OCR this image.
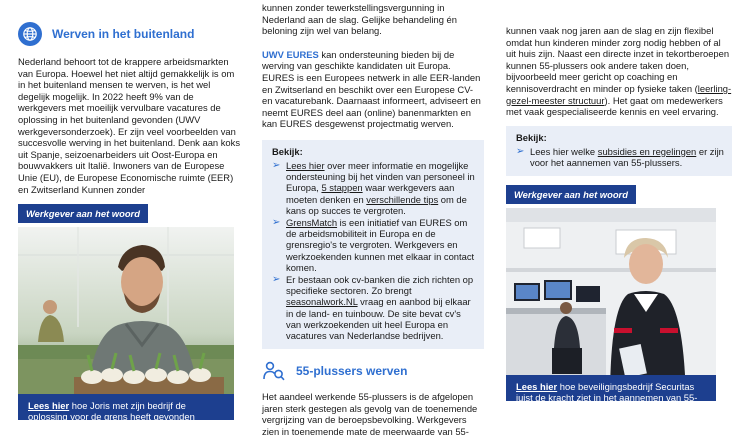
Werven in het buitenland

Nederland behoort tot de krappere arbeidsmarkten van Europa. Hoewel het niet altijd gemakkelijk is om in het buitenland mensen te werven, is het wel degelijk mogelijk. In 2022 heeft 9% van de werkgevers met moeilijk vervulbare vacatures de oplossing in het buitenland gevonden (UWV werkgeversonderzoek). Er zijn veel voorbeelden van succesvolle werving in het buitenland. Denk aan koks uit Spanje, seizoenarbeiders uit Oost-Europa en bouwvakkers uit Italië. Inwoners van de Europese Unie (EU), de Europese Economische ruimte (EER) en Zwitserland Kunnen zonder

Werkgever aan het woord
Lees hier hoe Joris met zijn bedrijf de oplossing voor de grens heeft gevonden

kunnen zonder tewerkstellingsvergunning in Nederland aan de slag. Gelijke behandeling én beloning zijn wel van belang.

UWV EURES kan ondersteuning bieden bij de werving van geschikte kandidaten uit Europa. EURES is een Europees netwerk in alle EER-landen en Zwitserland en beschikt over een Europese CV- en vacaturebank. Daarnaast informeert, adviseert en neemt EURES deel aan (online) banenmarkten en kan EURES desgewenst projectmatig werven.

Bekijk:
➢ Lees hier over meer informatie en mogelijke ondersteuning bij het vinden van personeel in Europa, 5 stappen waar werkgevers aan moeten denken en verschillende tips om de kans op succes te vergroten.
➢ GrensMatch is een initiatief van EURES om de arbeidsmobiliteit in Europa en de grensregio's te vergroten. Werkgevers en werkzoekenden kunnen met elkaar in contact komen.
➢ Er bestaan ook cv-banken die zich richten op specifieke sectoren. Zo brengt seasonalwork.NL vraag en aanbod bij elkaar in de land- en tuinbouw. De site bevat cv's van werkzoekenden uit heel Europa en vacatures van Nederlandse bedrijven.
55-plussers werven

Het aandeel werkende 55-plussers is de afgelopen jaren sterk gestegen als gevolg van de toenemende vergrijzing van de beroepsbevolking. Werkgevers zien in toenemende mate de meerwaarde van 55-

kunnen vaak nog jaren aan de slag en zijn flexibel omdat hun kinderen minder zorg nodig hebben of al uit huis zijn. Naast een directe inzet in tekortberoepen kunnen 55-plussers ook andere taken doen, bijvoorbeeld meer gericht op coaching en kennisoverdracht en minder op fysieke taken (leerling-gezel-meester structuur). Het gaat om medewerkers met vaak gespecialiseerde kennis en veel ervaring.

Bekijk:
➢ Lees hier welke subsidies en regelingen er zijn voor het aannemen van 55-plussers.
Werkgever aan het woord
Lees hier hoe beveiligingsbedrijf Securitas juist de kracht ziet in het aannemen van 55-plussers
